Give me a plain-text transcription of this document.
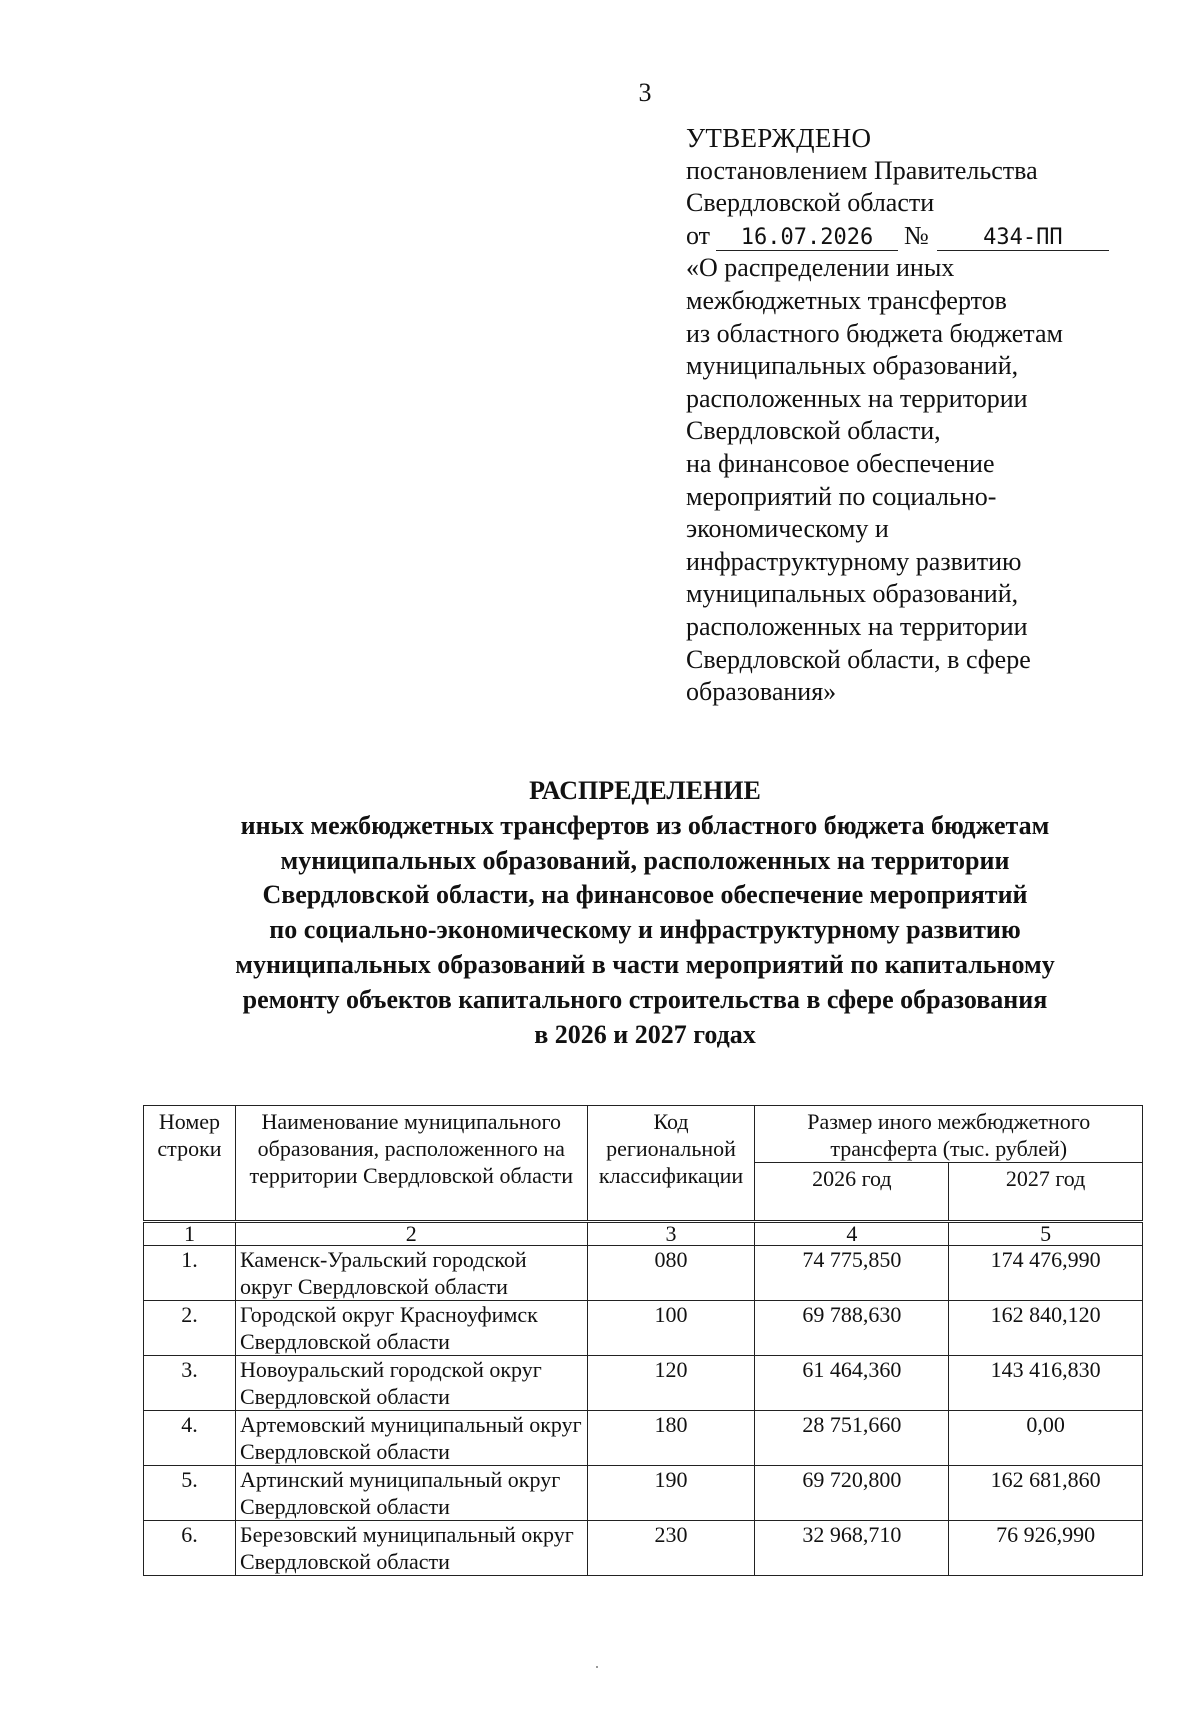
3
УТВЕРЖДЕНО
постановлением Правительства
Свердловской области
от 16.07.2026 № 434-ПП
«О распределении иных
межбюджетных трансфертов
из областного бюджета бюджетам
муниципальных образований,
расположенных на территории
Свердловской области,
на финансовое обеспечение
мероприятий по социально-
экономическому и
инфраструктурному развитию
муниципальных образований,
расположенных на территории
Свердловской области, в сфере
образования»
РАСПРЕДЕЛЕНИЕ
иных межбюджетных трансфертов из областного бюджета бюджетам
муниципальных образований, расположенных на территории
Свердловской области, на финансовое обеспечение мероприятий
по социально-экономическому и инфраструктурному развитию
муниципальных образований в части мероприятий по капитальному
ремонту объектов капитального строительства в сфере образования
в 2026 и 2027 годах
Номер строки	Наименование муниципального образования, расположенного на территории Свердловской области	Код региональной классификации	Размер иного межбюджетного трансферта (тыс. рублей)	
			2026 год	2027 год
1	2	3	4	5
1.	Каменск-Уральский городской округ Свердловской области	080	74 775,850	174 476,990
2.	Городской округ Красноуфимск Свердловской области	100	69 788,630	162 840,120
3.	Новоуральский городской округ Свердловской области	120	61 464,360	143 416,830
4.	Артемовский муниципальный округ Свердловской области	180	28 751,660	0,00
5.	Артинский муниципальный округ Свердловской области	190	69 720,800	162 681,860
6.	Березовский муниципальный округ Свердловской области	230	32 968,710	76 926,990
